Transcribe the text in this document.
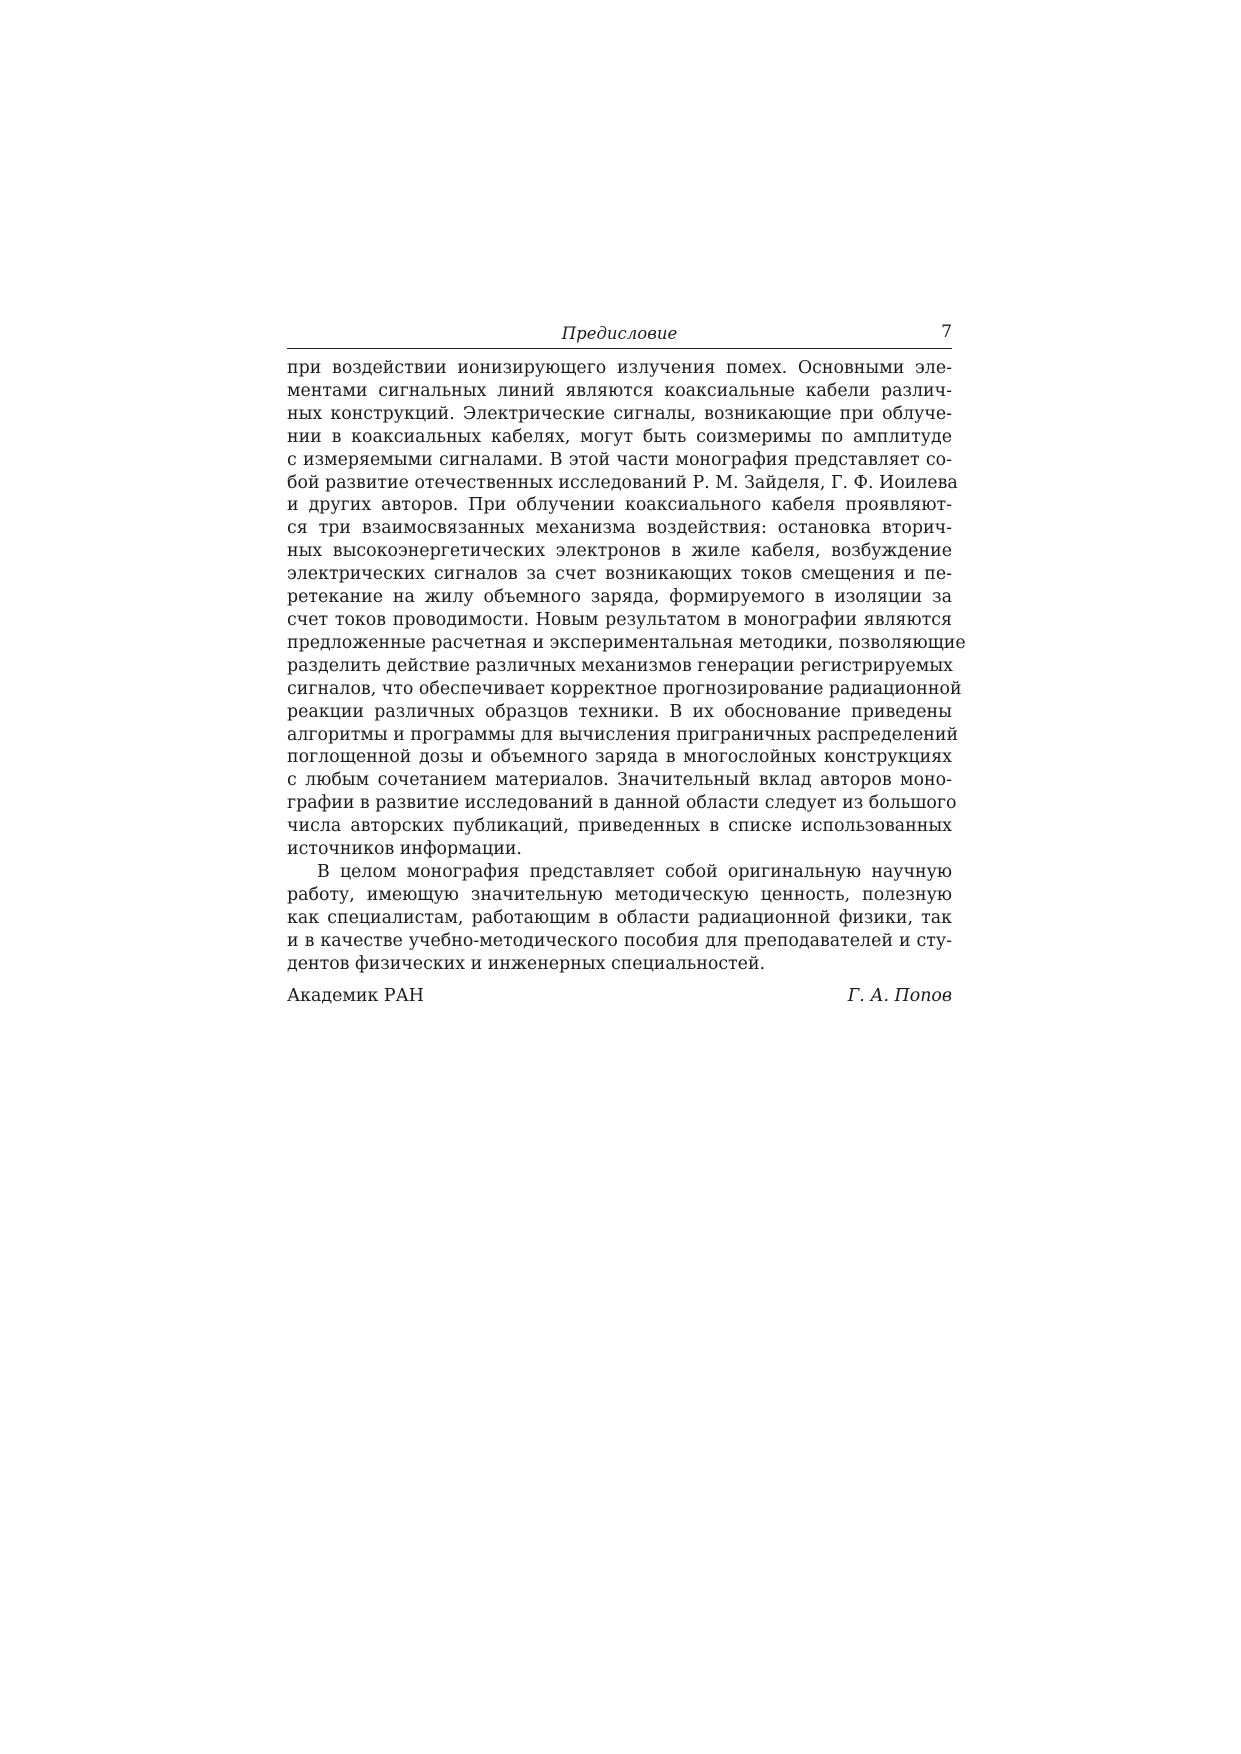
Предисловие	7

при воздействии ионизирующего излучения помех. Основными эле-
ментами сигнальных линий являются коаксиальные кабели различ-
ных конструкций. Электрические сигналы, возникающие при облуче-
нии в коаксиальных кабелях, могут быть соизмеримы по амплитуде
с измеряемыми сигналами. В этой части монография представляет со-
бой развитие отечественных исследований Р. М. Зайделя, Г. Ф. Иоилева
и других авторов. При облучении коаксиального кабеля проявляют-
ся три взаимосвязанных механизма воздействия: остановка вторич-
ных высокоэнергетических электронов в жиле кабеля, возбуждение
электрических сигналов за счет возникающих токов смещения и пе-
ретекание на жилу объемного заряда, формируемого в изоляции за
счет токов проводимости. Новым результатом в монографии являются
предложенные расчетная и экспериментальная методики, позволяющие
разделить действие различных механизмов генерации регистрируемых
сигналов, что обеспечивает корректное прогнозирование радиационной
реакции различных образцов техники. В их обоснование приведены
алгоритмы и программы для вычисления приграничных распределений
поглощенной дозы и объемного заряда в многослойных конструкциях
с любым сочетанием материалов. Значительный вклад авторов моно-
графии в развитие исследований в данной области следует из большого
числа авторских публикаций, приведенных в списке использованных
источников информации.

В целом монография представляет собой оригинальную научную
работу, имеющую значительную методическую ценность, полезную
как специалистам, работающим в области радиационной физики, так
и в качестве учебно-методического пособия для преподавателей и сту-
дентов физических и инженерных специальностей.

Академик РАН	Г. А. Попов
